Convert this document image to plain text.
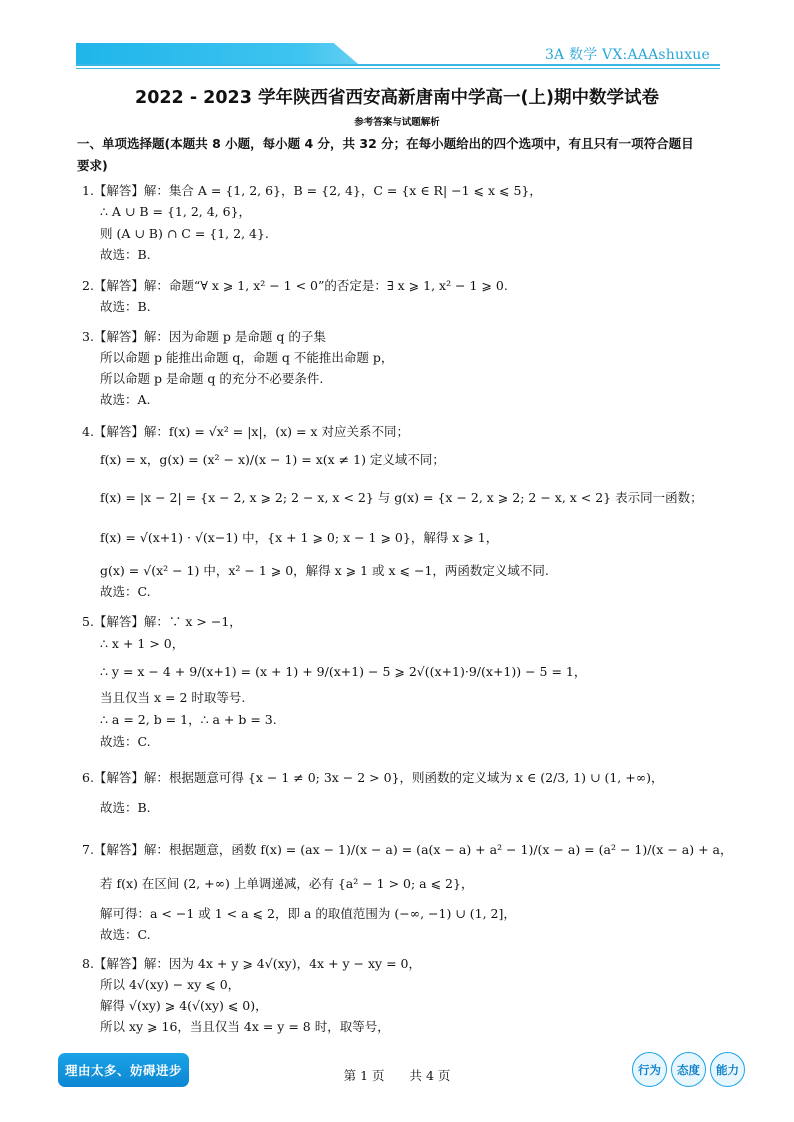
3A 数学 VX:AAAshuxue
2022 - 2023 学年陕西省西安高新唐南中学高一(上)期中数学试卷
参考答案与试题解析
一、单项选择题(本题共 8 小题，每小题 4 分，共 32 分；在每小题给出的四个选项中，有且只有一项符合题目
要求)
1.【解答】解：集合 A = {1, 2, 6}，B = {2, 4}，C = {x ∈ R| −1 ⩽ x ⩽ 5}，
∴ A ∪ B = {1, 2, 4, 6}，
则 (A ∪ B) ∩ C = {1, 2, 4}.
故选：B.
2.【解答】解：命题“∀ x ⩾ 1, x² − 1 < 0”的否定是：∃ x ⩾ 1, x² − 1 ⩾ 0.
故选：B.
3.【解答】解：因为命题 p 是命题 q 的子集
所以命题 p 能推出命题 q，命题 q 不能推出命题 p，
所以命题 p 是命题 q 的充分不必要条件.
故选：A.
4.【解答】解：f(x) = √x² = |x|，(x) = x 对应关系不同；
f(x) = x，g(x) = (x² − x)/(x − 1) = x(x ≠ 1) 定义域不同；
f(x) = |x − 2| = {x − 2, x ⩾ 2; 2 − x, x < 2} 与 g(x) = {x − 2, x ⩾ 2; 2 − x, x < 2} 表示同一函数；
f(x) = √(x+1) · √(x−1) 中，{x + 1 ⩾ 0; x − 1 ⩾ 0}，解得 x ⩾ 1，
g(x) = √(x² − 1) 中，x² − 1 ⩾ 0，解得 x ⩾ 1 或 x ⩽ −1，两函数定义域不同.
故选：C.
5.【解答】解：∵ x > −1，
∴ x + 1 > 0，
∴ y = x − 4 + 9/(x+1) = (x + 1) + 9/(x+1) − 5 ⩾ 2√((x+1)·9/(x+1)) − 5 = 1，
当且仅当 x = 2 时取等号.
∴ a = 2, b = 1，∴ a + b = 3.
故选：C.
6.【解答】解：根据题意可得 {x − 1 ≠ 0; 3x − 2 > 0}，则函数的定义域为 x ∈ (2/3, 1) ∪ (1, +∞)，
故选：B.
7.【解答】解：根据题意，函数 f(x) = (ax − 1)/(x − a) = (a(x − a) + a² − 1)/(x − a) = (a² − 1)/(x − a) + a，
若 f(x) 在区间 (2, +∞) 上单调递减，必有 {a² − 1 > 0; a ⩽ 2}，
解可得：a < −1 或 1 < a ⩽ 2，即 a 的取值范围为 (−∞, −1) ∪ (1, 2]，
故选：C.
8.【解答】解：因为 4x + y ⩾ 4√(xy)，4x + y − xy = 0，
所以 4√(xy) − xy ⩽ 0，
解得 √(xy) ⩾ 4(√(xy) ⩽ 0)，
所以 xy ⩾ 16，当且仅当 4x = y = 8 时，取等号，
理由太多、妨碍进步	第 1 页　　共 4 页	行为	态度	能力
